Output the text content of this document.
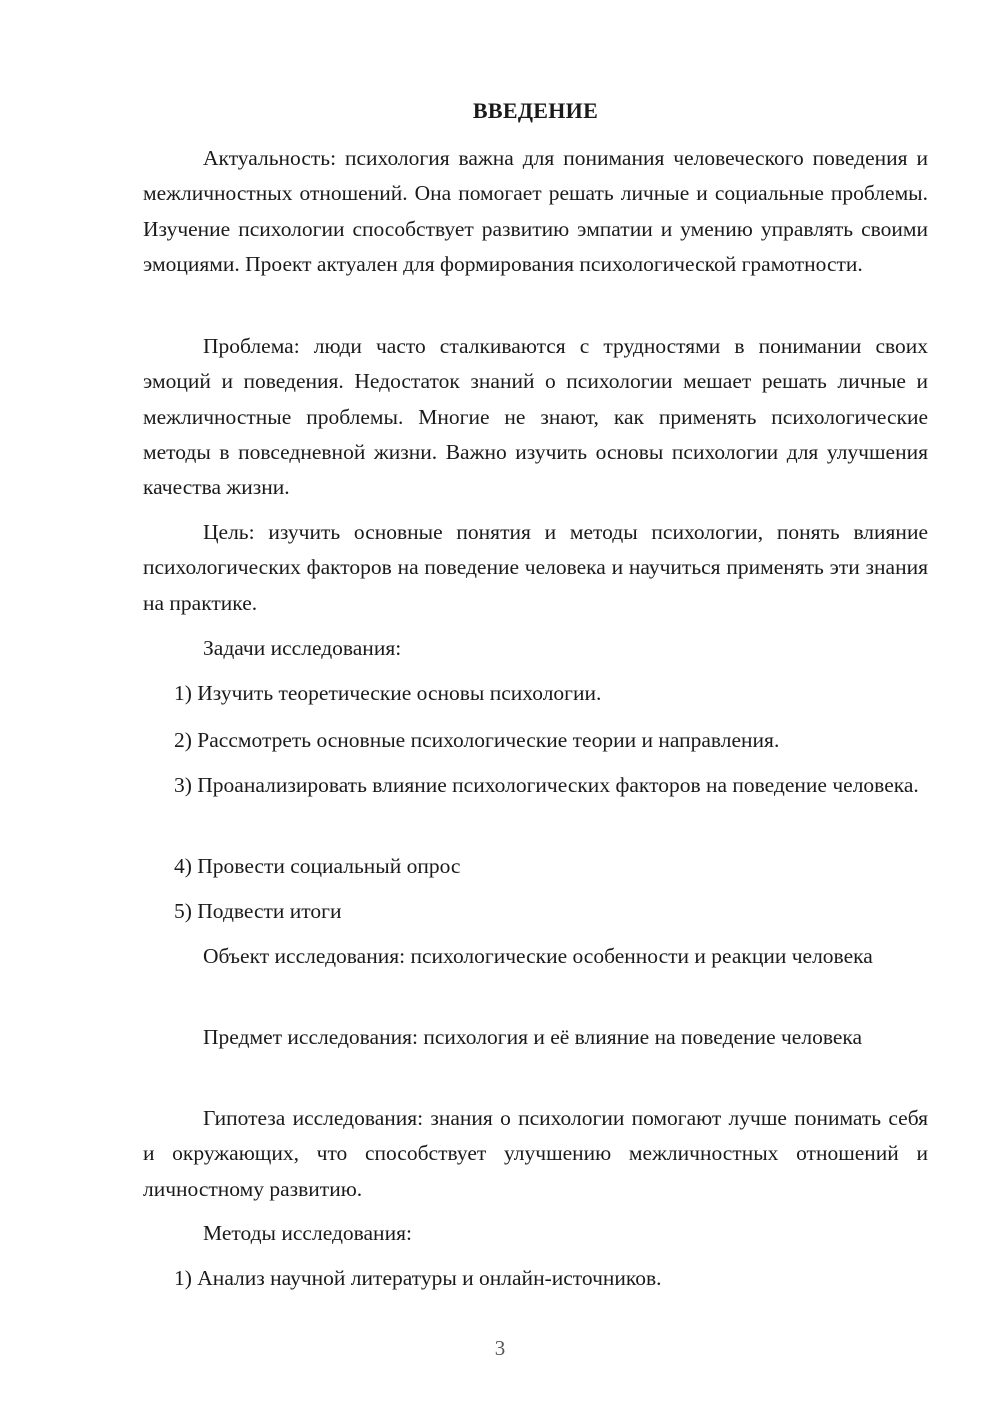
ВВЕДЕНИЕ

Актуальность: психология важна для понимания человеческого поведения и межличностных отношений. Она помогает решать личные и социальные проблемы. Изучение психологии способствует развитию эмпатии и умению управлять своими эмоциями. Проект актуален для формирования психологической грамотности.

Проблема: люди часто сталкиваются с трудностями в понимании своих эмоций и поведения. Недостаток знаний о психологии мешает решать личные и межличностные проблемы. Многие не знают, как применять психологические методы в повседневной жизни. Важно изучить основы психологии для улучшения качества жизни.

Цель: изучить основные понятия и методы психологии, понять влияние психологических факторов на поведение человека и научиться применять эти знания на практике.

Задачи исследования:

1) Изучить теоретические основы психологии.

2) Рассмотреть основные психологические теории и направления.

3) Проанализировать влияние психологических факторов на поведение человека.

4) Провести социальный опрос

5) Подвести итоги

Объект исследования: психологические особенности и реакции человека

Предмет исследования: психология и её влияние на поведение человека

Гипотеза исследования: знания о психологии помогают лучше понимать себя и окружающих, что способствует улучшению межличностных отношений и личностному развитию.

Методы исследования:

1) Анализ научной литературы и онлайн-источников.

3
